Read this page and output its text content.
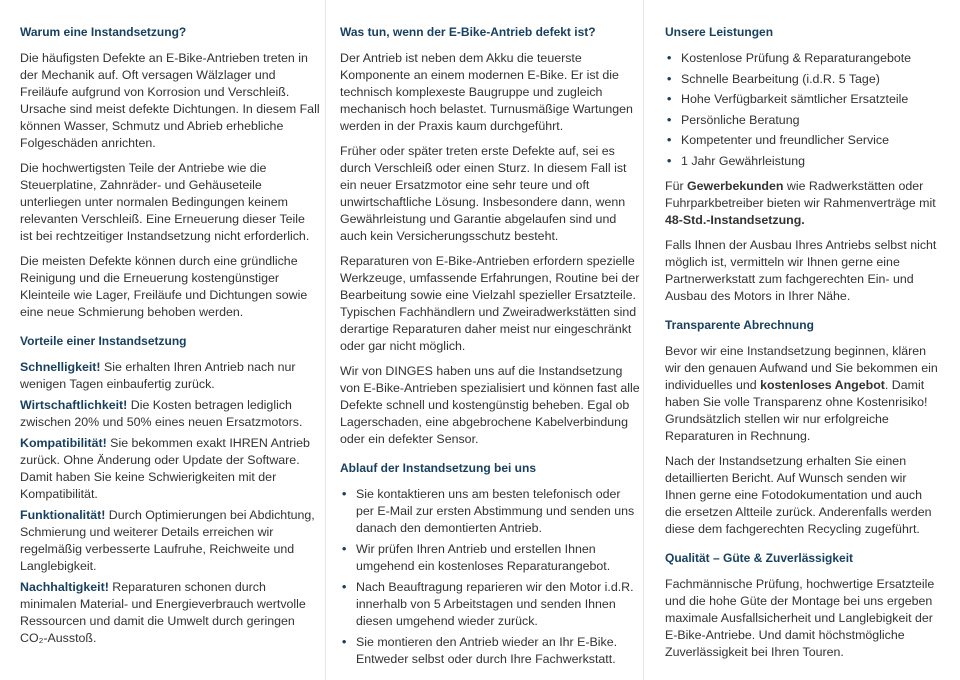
Warum eine Instandsetzung?

Die häufigsten Defekte an E-Bike-Antrieben treten in der Mechanik auf. Oft versagen Wälzlager und Freiläufe aufgrund von Korrosion und Verschleiß. Ursache sind meist defekte Dichtungen. In diesem Fall können Wasser, Schmutz und Abrieb erhebliche Folgeschäden anrichten.

Die hochwertigsten Teile der Antriebe wie die Steuerplatine, Zahnräder- und Gehäuseteile unterliegen unter normalen Bedingungen keinem relevanten Verschleiß. Eine Erneuerung dieser Teile ist bei rechtzeitiger Instandsetzung nicht erforderlich.

Die meisten Defekte können durch eine gründliche Reinigung und die Erneuerung kostengünstiger Kleinteile wie Lager, Freiläufe und Dichtungen sowie eine neue Schmierung behoben werden.

Vorteile einer Instandsetzung

Schnelligkeit! Sie erhalten Ihren Antrieb nach nur wenigen Tagen einbaufertig zurück.

Wirtschaftlichkeit! Die Kosten betragen lediglich zwischen 20% und 50% eines neuen Ersatzmotors.

Kompatibilität! Sie bekommen exakt IHREN Antrieb zurück. Ohne Änderung oder Update der Software. Damit haben Sie keine Schwierigkeiten mit der Kompatibilität.

Funktionalität! Durch Optimierungen bei Abdichtung, Schmierung und weiterer Details erreichen wir regelmäßig verbesserte Laufruhe, Reichweite und Langlebigkeit.

Nachhaltigkeit! Reparaturen schonen durch minimalen Material- und Energieverbrauch wertvolle Ressourcen und damit die Umwelt durch geringen CO₂-Ausstoß.

Was tun, wenn der E-Bike-Antrieb defekt ist?

Der Antrieb ist neben dem Akku die teuerste Komponente an einem modernen E-Bike. Er ist die technisch komplexeste Baugruppe und zugleich mechanisch hoch belastet. Turnusmäßige Wartungen werden in der Praxis kaum durchgeführt.

Früher oder später treten erste Defekte auf, sei es durch Verschleiß oder einen Sturz. In diesem Fall ist ein neuer Ersatzmotor eine sehr teure und oft unwirtschaftliche Lösung. Insbesondere dann, wenn Gewährleistung und Garantie abgelaufen sind und auch kein Versicherungsschutz besteht.

Reparaturen von E-Bike-Antrieben erfordern spezielle Werkzeuge, umfassende Erfahrungen, Routine bei der Bearbeitung sowie eine Vielzahl spezieller Ersatzteile. Typischen Fachhändlern und Zweiradwerkstätten sind derartige Reparaturen daher meist nur eingeschränkt oder gar nicht möglich.

Wir von DINGES haben uns auf die Instandsetzung von E-Bike-Antrieben spezialisiert und können fast alle Defekte schnell und kostengünstig beheben. Egal ob Lagerschaden, eine abgebrochene Kabelverbindung oder ein defekter Sensor.

Ablauf der Instandsetzung bei uns
• Sie kontaktieren uns am besten telefonisch oder per E-Mail zur ersten Abstimmung und senden uns danach den demontierten Antrieb.
• Wir prüfen Ihren Antrieb und erstellen Ihnen umgehend ein kostenloses Reparaturangebot.
• Nach Beauftragung reparieren wir den Motor i.d.R. innerhalb von 5 Arbeitstagen und senden Ihnen diesen umgehend wieder zurück.
• Sie montieren den Antrieb wieder an Ihr E-Bike. Entweder selbst oder durch Ihre Fachwerkstatt.
Unsere Leistungen
• Kostenlose Prüfung & Reparaturangebote
• Schnelle Bearbeitung (i.d.R. 5 Tage)
• Hohe Verfügbarkeit sämtlicher Ersatzteile
• Persönliche Beratung
• Kompetenter und freundlicher Service
• 1 Jahr Gewährleistung

Für Gewerbekunden wie Radwerkstätten oder Fuhrparkbetreiber bieten wir Rahmenverträge mit 48-Std.-Instandsetzung.

Falls Ihnen der Ausbau Ihres Antriebs selbst nicht möglich ist, vermitteln wir Ihnen gerne eine Partnerwerkstatt zum fachgerechten Ein- und Ausbau des Motors in Ihrer Nähe.

Transparente Abrechnung

Bevor wir eine Instandsetzung beginnen, klären wir den genauen Aufwand und Sie bekommen ein individuelles und kostenloses Angebot. Damit haben Sie volle Transparenz ohne Kostenrisiko! Grundsätzlich stellen wir nur erfolgreiche Reparaturen in Rechnung.

Nach der Instandsetzung erhalten Sie einen detaillierten Bericht. Auf Wunsch senden wir Ihnen gerne eine Fotodokumentation und auch die ersetzen Altteile zurück. Anderenfalls werden diese dem fachgerechten Recycling zugeführt.

Qualität – Güte & Zuverlässigkeit

Fachmännische Prüfung, hochwertige Ersatzteile und die hohe Güte der Montage bei uns ergeben maximale Ausfallsicherheit und Langlebigkeit der E-Bike-Antriebe. Und damit höchstmögliche Zuverlässigkeit bei Ihren Touren.
